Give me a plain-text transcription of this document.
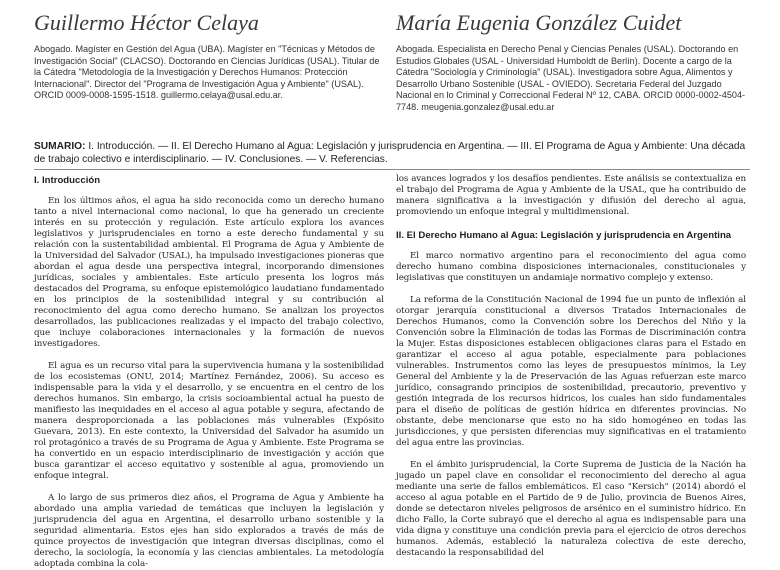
Guillermo Héctor Celaya
Abogado. Magíster en Gestión del Agua (UBA). Magíster en "Técnicas y Métodos de Investigación Social" (CLACSO). Doctorando en Ciencias Jurídicas (USAL). Titular de la Cátedra "Metodología de la Investigación y Derechos Humanos: Protección Internacional". Director del "Programa de Investigación Agua y Ambiente" (USAL). ORCID 0009-0008-1595-1518. guillermo.celaya@usal.edu.ar.
María Eugenia González Cuidet
Abogada. Especialista en Derecho Penal y Ciencias Penales (USAL). Doctorando en Estudios Globales (USAL - Universidad Humboldt de Berlín). Docente a cargo de la Cátedra "Sociología y Criminología" (USAL). Investigadora sobre Agua, Alimentos y Desarrollo Urbano Sostenible (USAL - OVIEDO). Secretaria Federal del Juzgado Nacional en lo Criminal y Correccional Federal Nº 12, CABA. ORCID 0000-0002-4504-7748. meugenia.gonzalez@usal.edu.ar
SUMARIO: I. Introducción. — II. El Derecho Humano al Agua: Legislación y jurisprudencia en Argentina. — III. El Programa de Agua y Ambiente: Una década de trabajo colectivo e interdisciplinario. — IV. Conclusiones. — V. Referencias.
I. Introducción

En los últimos años, el agua ha sido reconocida como un derecho humano tanto a nivel internacional como nacional, lo que ha generado un creciente interés en su protección y regulación. Este artículo explora los avances legislativos y jurisprudenciales en torno a este derecho fundamental y su relación con la sustentabilidad ambiental. El Programa de Agua y Ambiente de la Universidad del Salvador (USAL), ha impulsado investigaciones pioneras que abordan el agua desde una perspectiva integral, incorporando dimensiones jurídicas, sociales y ambientales. Este artículo presenta los logros más destacados del Programa, su enfoque epistemológico laudatiano fundamentado en los principios de la sostenibilidad integral y su contribución al reconocimiento del agua como derecho humano. Se analizan los proyectos desarrollados, las publicaciones realizadas y el impacto del trabajo colectivo, que incluye colaboraciones internacionales y la formación de nuevos investigadores.

El agua es un recurso vital para la supervivencia humana y la sostenibilidad de los ecosistemas (ONU, 2014; Martínez Fernández, 2006). Su acceso es indispensable para la vida y el desarrollo, y se encuentra en el centro de los derechos humanos. Sin embargo, la crisis socioambiental actual ha puesto de manifiesto las inequidades en el acceso al agua potable y segura, afectando de manera desproporcionada a las poblaciones más vulnerables (Expósito Guevara, 2013). En este contexto, la Universidad del Salvador ha asumido un rol protagónico a través de su Programa de Agua y Ambiente. Este Programa se ha convertido en un espacio interdisciplinario de investigación y acción que busca garantizar el acceso equitativo y sostenible al agua, promoviendo un enfoque integral.

A lo largo de sus primeros diez años, el Programa de Agua y Ambiente ha abordado una amplia variedad de temáticas que incluyen la legislación y jurisprudencia del agua en Argentina, el desarrollo urbano sostenible y la seguridad alimentaria. Estos ejes han sido explorados a través de más de quince proyectos de investigación que integran diversas disciplinas, como el derecho, la sociología, la economía y las ciencias ambientales. La metodología adoptada combina la cola-

los avances logrados y los desafíos pendientes. Este análisis se contextualiza en el trabajo del Programa de Agua y Ambiente de la USAL, que ha contribuido de manera significativa a la investigación y difusión del derecho al agua, promoviendo un enfoque integral y multidimensional.

II. El Derecho Humano al Agua: Legislación y jurisprudencia en Argentina

El marco normativo argentino para el reconocimiento del agua como derecho humano combina disposiciones internacionales, constitucionales y legislativas que constituyen un andamiaje normativo complejo y extenso.

La reforma de la Constitución Nacional de 1994 fue un punto de inflexión al otorgar jerarquía constitucional a diversos Tratados Internacionales de Derechos Humanos, como la Convención sobre los Derechos del Niño y la Convención sobre la Eliminación de todas las Formas de Discriminación contra la Mujer. Estas disposiciones establecen obligaciones claras para el Estado en garantizar el acceso al agua potable, especialmente para poblaciones vulnerables. Instrumentos como las leyes de presupuestos mínimos, la Ley General del Ambiente y la de Preservación de las Aguas refuerzan este marco jurídico, consagrando principios de sostenibilidad, precautorio, preventivo y gestión integrada de los recursos hídricos, los cuales han sido fundamentales para el diseño de políticas de gestión hídrica en diferentes provincias. No obstante, debe mencionarse que esto no ha sido homogéneo en todas las jurisdicciones, y que persisten diferencias muy significativas en el tratamiento del agua entre las provincias.

En el ámbito jurisprudencial, la Corte Suprema de Justicia de la Nación ha jugado un papel clave en consolidar el reconocimiento del derecho al agua mediante una serie de fallos emblemáticos. El caso "Kersich" (2014) abordó el acceso al agua potable en el Partido de 9 de Julio, provincia de Buenos Aires, donde se detectaron niveles peligrosos de arsénico en el suministro hídrico. En dicho Fallo, la Corte subrayó que el derecho al agua es indispensable para una vida digna y constituye una condición previa para el ejercicio de otros derechos humanos. Además, estableció la naturaleza colectiva de este derecho, destacando la responsabilidad del
